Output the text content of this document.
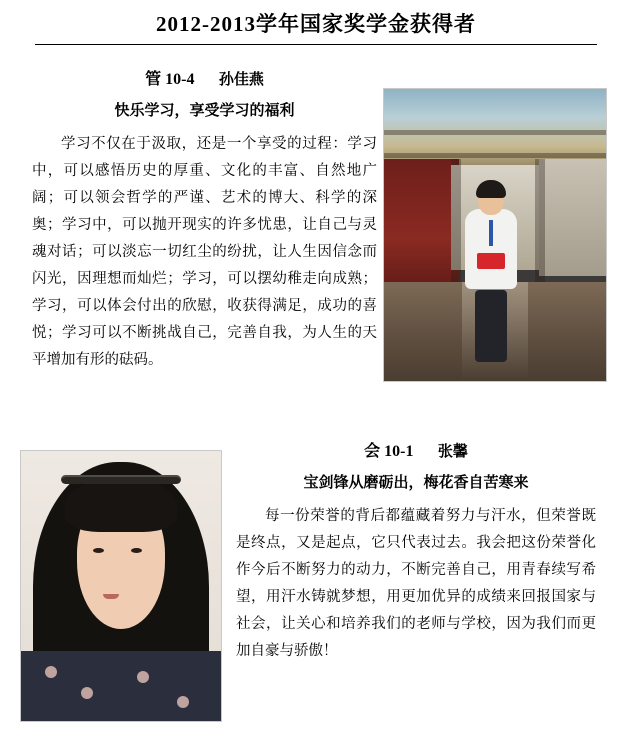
2012-2013学年国家奖学金获得者
管 10-4 孙佳燕
快乐学习，享受学习的福利
学习不仅在于汲取，还是一个享受的过程：学习中，可以感悟历史的厚重、文化的丰富、自然地广阔；可以领会哲学的严谨、艺术的博大、科学的深奥；学习中，可以抛开现实的许多忧患，让自己与灵魂对话；可以淡忘一切红尘的纷扰，让人生因信念而闪光，因理想而灿烂；学习，可以摆幼稚走向成熟；学习，可以体会付出的欣慰，收获得满足，成功的喜悦；学习可以不断挑战自己，完善自我，为人生的天平增加有形的砝码。
会 10-1 张馨
宝剑锋从磨砺出，梅花香自苦寒来
每一份荣誉的背后都蕴藏着努力与汗水，但荣誉既是终点，又是起点，它只代表过去。我会把这份荣誉化作今后不断努力的动力，不断完善自己，用青春续写希望，用汗水铸就梦想，用更加优异的成绩来回报国家与社会，让关心和培养我们的老师与学校，因为我们而更加自豪与骄傲！
